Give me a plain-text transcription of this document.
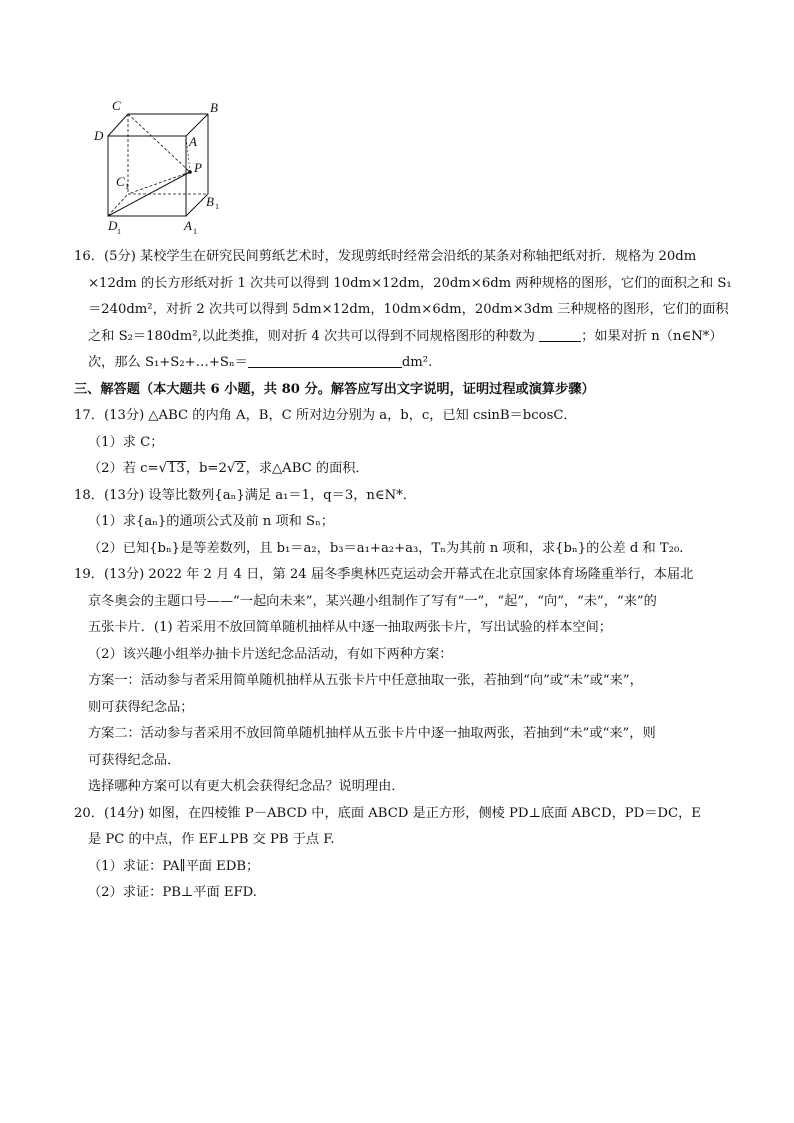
C	B
D	A
P
C 1
B 1
D 1	A 1
16．(5分) 某校学生在研究民间剪纸艺术时，发现剪纸时经常会沿纸的某条对称轴把纸对折．规格为 20dm
×12dm 的长方形纸对折 1 次共可以得到 10dm×12dm，20dm×6dm 两种规格的图形，它们的面积之和 S₁
＝240dm²，对折 2 次共可以得到 5dm×12dm，10dm×6dm，20dm×3dm 三种规格的图形，它们的面积
之和 S₂＝180dm²,以此类推，则对折 4 次共可以得到不同规格图形的种数为	；如果对折 n（n∈N*）
次，那么 S₁+S₂+…+Sₙ＝	dm².
三、解答题（本大题共 6 小题，共 80 分。解答应写出文字说明，证明过程或演算步骤）
17．(13分) △ABC 的内角 A，B，C 所对边分别为 a，b，c，已知 csinB＝bcosC．
（1）求 C；
（2）若 c=√13，b=2√2，求△ABC 的面积．
18．(13分) 设等比数列{aₙ}满足 a₁＝1，q＝3，n∈N*．
（1）求{aₙ}的通项公式及前 n 项和 Sₙ；
（2）已知{bₙ}是等差数列，且 b₁＝a₂，b₃＝a₁+a₂+a₃，Tₙ为其前 n 项和，求{bₙ}的公差 d 和 T₂₀.
19．(13分) 2022 年 2 月 4 日，第 24 届冬季奥林匹克运动会开幕式在北京国家体育场隆重举行，本届北
京冬奥会的主题口号——“一起向未来”，某兴趣小组制作了写有“一”，“起”，“向”，“未”，“来”的
五张卡片．(1) 若采用不放回简单随机抽样从中逐一抽取两张卡片，写出试验的样本空间；
（2）该兴趣小组举办抽卡片送纪念品活动，有如下两种方案：
方案一：活动参与者采用简单随机抽样从五张卡片中任意抽取一张，若抽到“向”或“未”或“来”，
则可获得纪念品；
方案二：活动参与者采用不放回简单随机抽样从五张卡片中逐一抽取两张，若抽到“未”或“来”，则
可获得纪念品．
选择哪种方案可以有更大机会获得纪念品？说明理由．
20．(14分) 如图，在四棱锥 P－ABCD 中，底面 ABCD 是正方形，侧棱 PD⊥底面 ABCD，PD＝DC，E
是 PC 的中点，作 EF⊥PB 交 PB 于点 F.
（1）求证：PA∥平面 EDB；
（2）求证：PB⊥平面 EFD.
